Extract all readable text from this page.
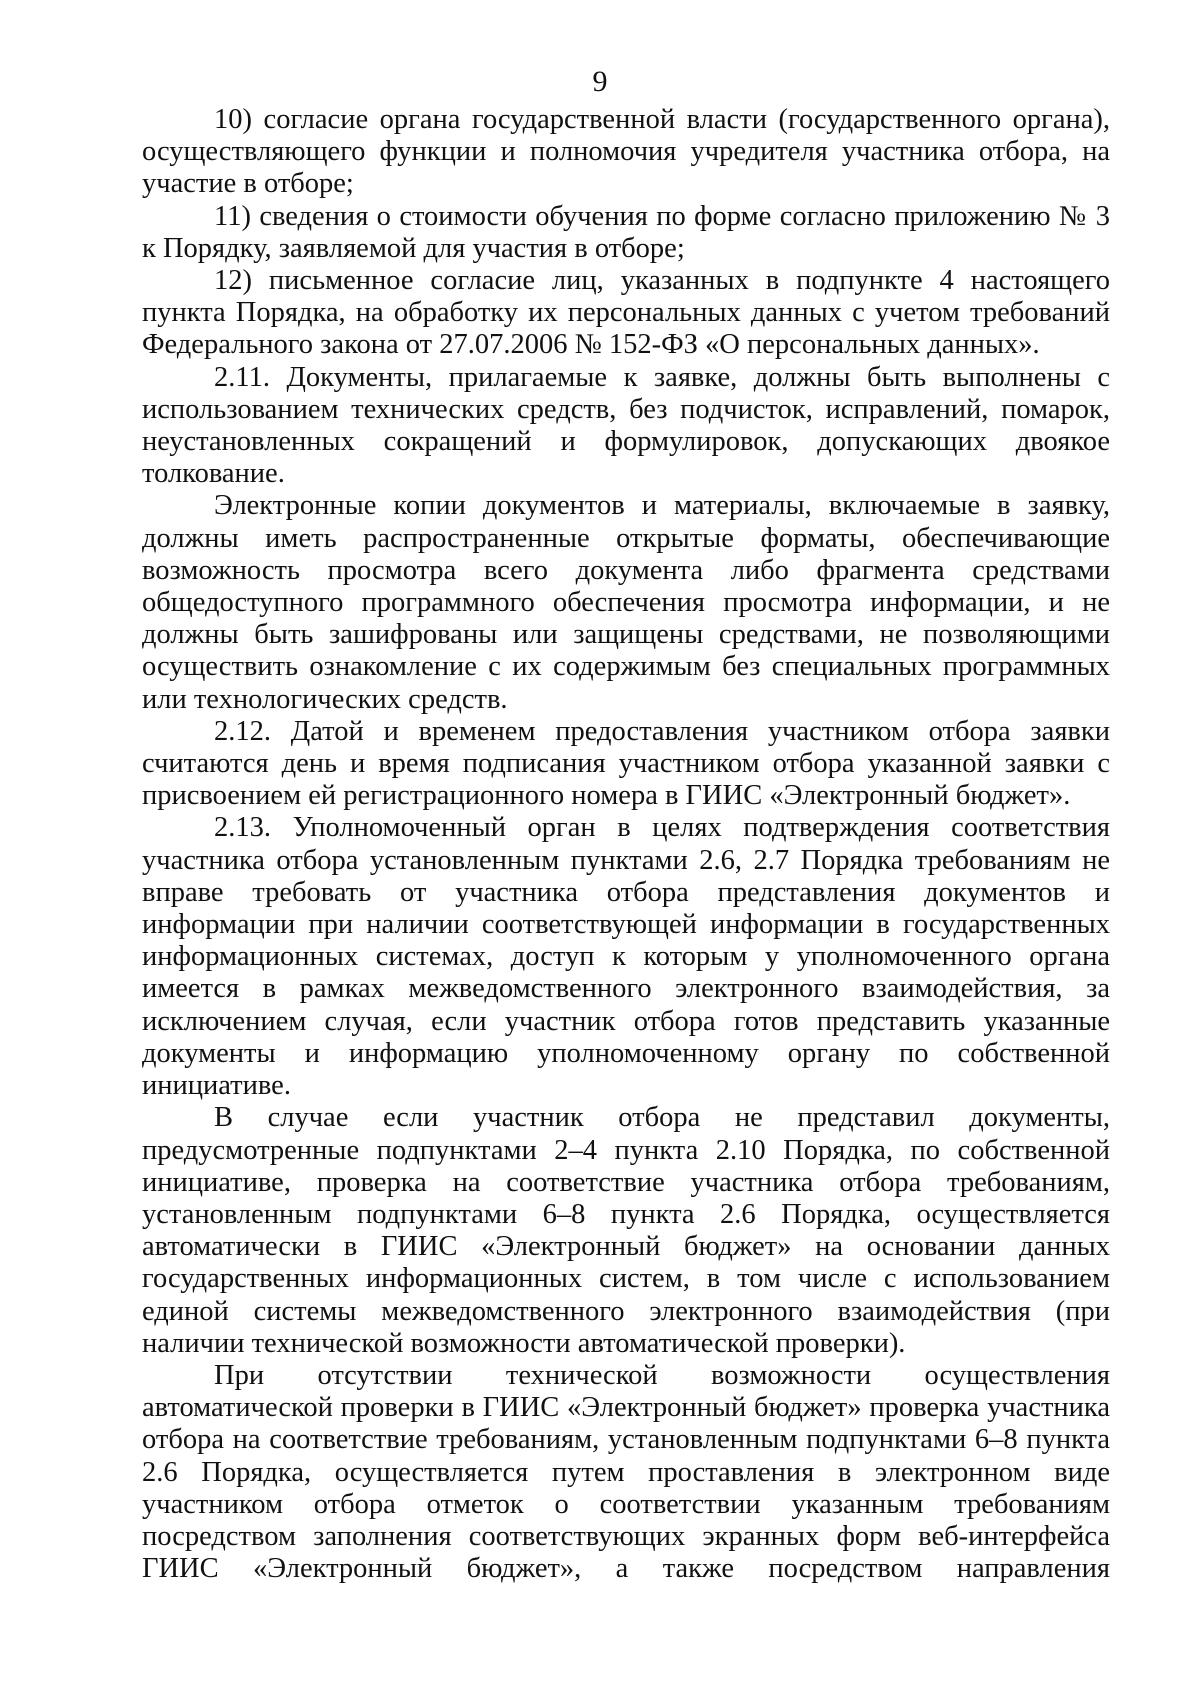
9

10) согласие органа государственной власти (государственного органа), осуществляющего функции и полномочия учредителя участника отбора, на участие в отборе;

11) сведения о стоимости обучения по форме согласно приложению № 3 к Порядку, заявляемой для участия в отборе;

12) письменное согласие лиц, указанных в подпункте 4 настоящего пункта Порядка, на обработку их персональных данных с учетом требований Федерального закона от 27.07.2006 № 152-ФЗ «О персональных данных».

2.11. Документы, прилагаемые к заявке, должны быть выполнены с использованием технических средств, без подчисток, исправлений, помарок, неустановленных сокращений и формулировок, допускающих двоякое толкование.

Электронные копии документов и материалы, включаемые в заявку, должны иметь распространенные открытые форматы, обеспечивающие возможность просмотра всего документа либо фрагмента средствами общедоступного программного обеспечения просмотра информации, и не должны быть зашифрованы или защищены средствами, не позволяющими осуществить ознакомление с их содержимым без специальных программных или технологических средств.

2.12. Датой и временем предоставления участником отбора заявки считаются день и время подписания участником отбора указанной заявки с присвоением ей регистрационного номера в ГИИС «Электронный бюджет».

2.13. Уполномоченный орган в целях подтверждения соответствия участника отбора установленным пунктами 2.6, 2.7 Порядка требованиям не вправе требовать от участника отбора представления документов и информации при наличии соответствующей информации в государственных информационных системах, доступ к которым у уполномоченного органа имеется в рамках межведомственного электронного взаимодействия, за исключением случая, если участник отбора готов представить указанные документы и информацию уполномоченному органу по собственной инициативе.

В случае если участник отбора не представил документы, предусмотренные подпунктами 2–4 пункта 2.10 Порядка, по собственной инициативе, проверка на соответствие участника отбора требованиям, установленным подпунктами 6–8 пункта 2.6 Порядка, осуществляется автоматически в ГИИС «Электронный бюджет» на основании данных государственных информационных систем, в том числе с использованием единой системы межведомственного электронного взаимодействия (при наличии технической возможности автоматической проверки).

При отсутствии технической возможности осуществления автоматической проверки в ГИИС «Электронный бюджет» проверка участника отбора на соответствие требованиям, установленным подпунктами 6–8 пункта 2.6 Порядка, осуществляется путем проставления в электронном виде участником отбора отметок о соответствии указанным требованиям посредством заполнения соответствующих экранных форм веб-интерфейса ГИИС «Электронный бюджет», а также посредством направления
